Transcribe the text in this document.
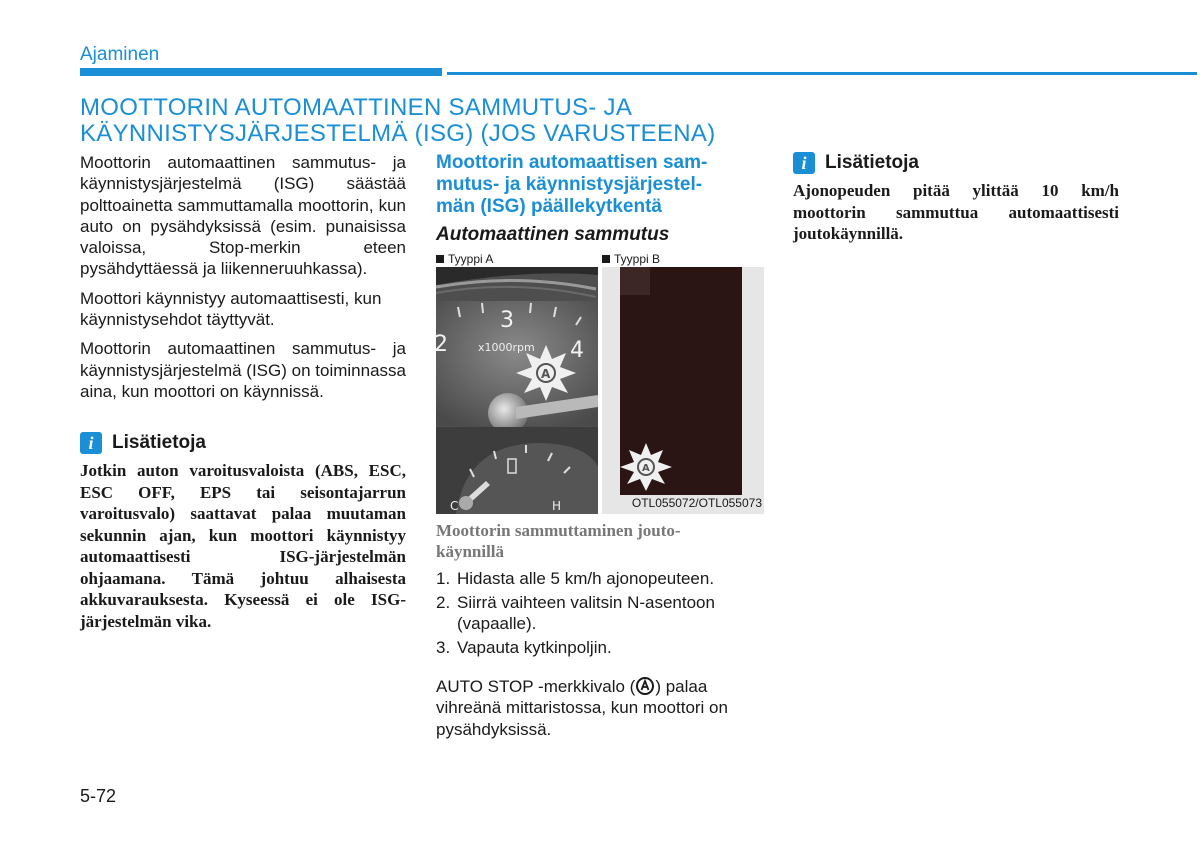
Ajaminen
MOOTTORIN AUTOMAATTINEN SAMMUTUS- JA
KÄYNNISTYSJÄRJESTELMÄ (ISG) (JOS VARUSTEENA)

Moottorin automaattinen sammutus- ja käynnistysjärjestelmä (ISG) säästää polttoainetta sammuttamalla moottorin, kun auto on pysähdyksissä (esim. punaisissa valoissa, Stop-merkin eteen pysähdyttäessä ja liikenneruuhkassa).

Moottori käynnistyy automaattisesti, kun käynnistysehdot täyttyvät.

Moottorin automaattinen sammutus- ja käynnistysjärjestelmä (ISG) on toiminnassa aina, kun moottori on käynnissä.

i Lisätietoja

Jotkin auton varoitusvaloista (ABS, ESC, ESC OFF, EPS tai seisontajarrun varoitusvalo) saattavat palaa muutaman sekunnin ajan, kun moottori käynnistyy automaattisesti ISG-järjestelmän ohjaamana. Tämä johtuu alhaisesta akkuvarauksesta. Kyseessä ei ole ISG-järjestelmän vika.

Moottorin automaattisen sam-
mutus- ja käynnistysjärjestel-
män (ISG) päällekytkentä
Automaattinen sammutus
Tyyppi A
3
4
2	x1000rpm
A
C	H
Tyyppi B
A
OTL055072/OTL055073
Moottorin sammuttaminen jouto-
käynnillä
1. Hidasta alle 5 km/h ajonopeuteen.
2. Siirrä vaihteen valitsin N-asentoon (vapaalle).
3. Vapauta kytkinpoljin.

AUTO STOP -merkkivalo ( ) palaa vihreänä mittaristossa, kun moottori on pysähdyksissä.

i Lisätietoja

Ajonopeuden pitää ylittää 10 km/h moottorin sammuttua automaattisesti joutokäynnillä.

5-72
